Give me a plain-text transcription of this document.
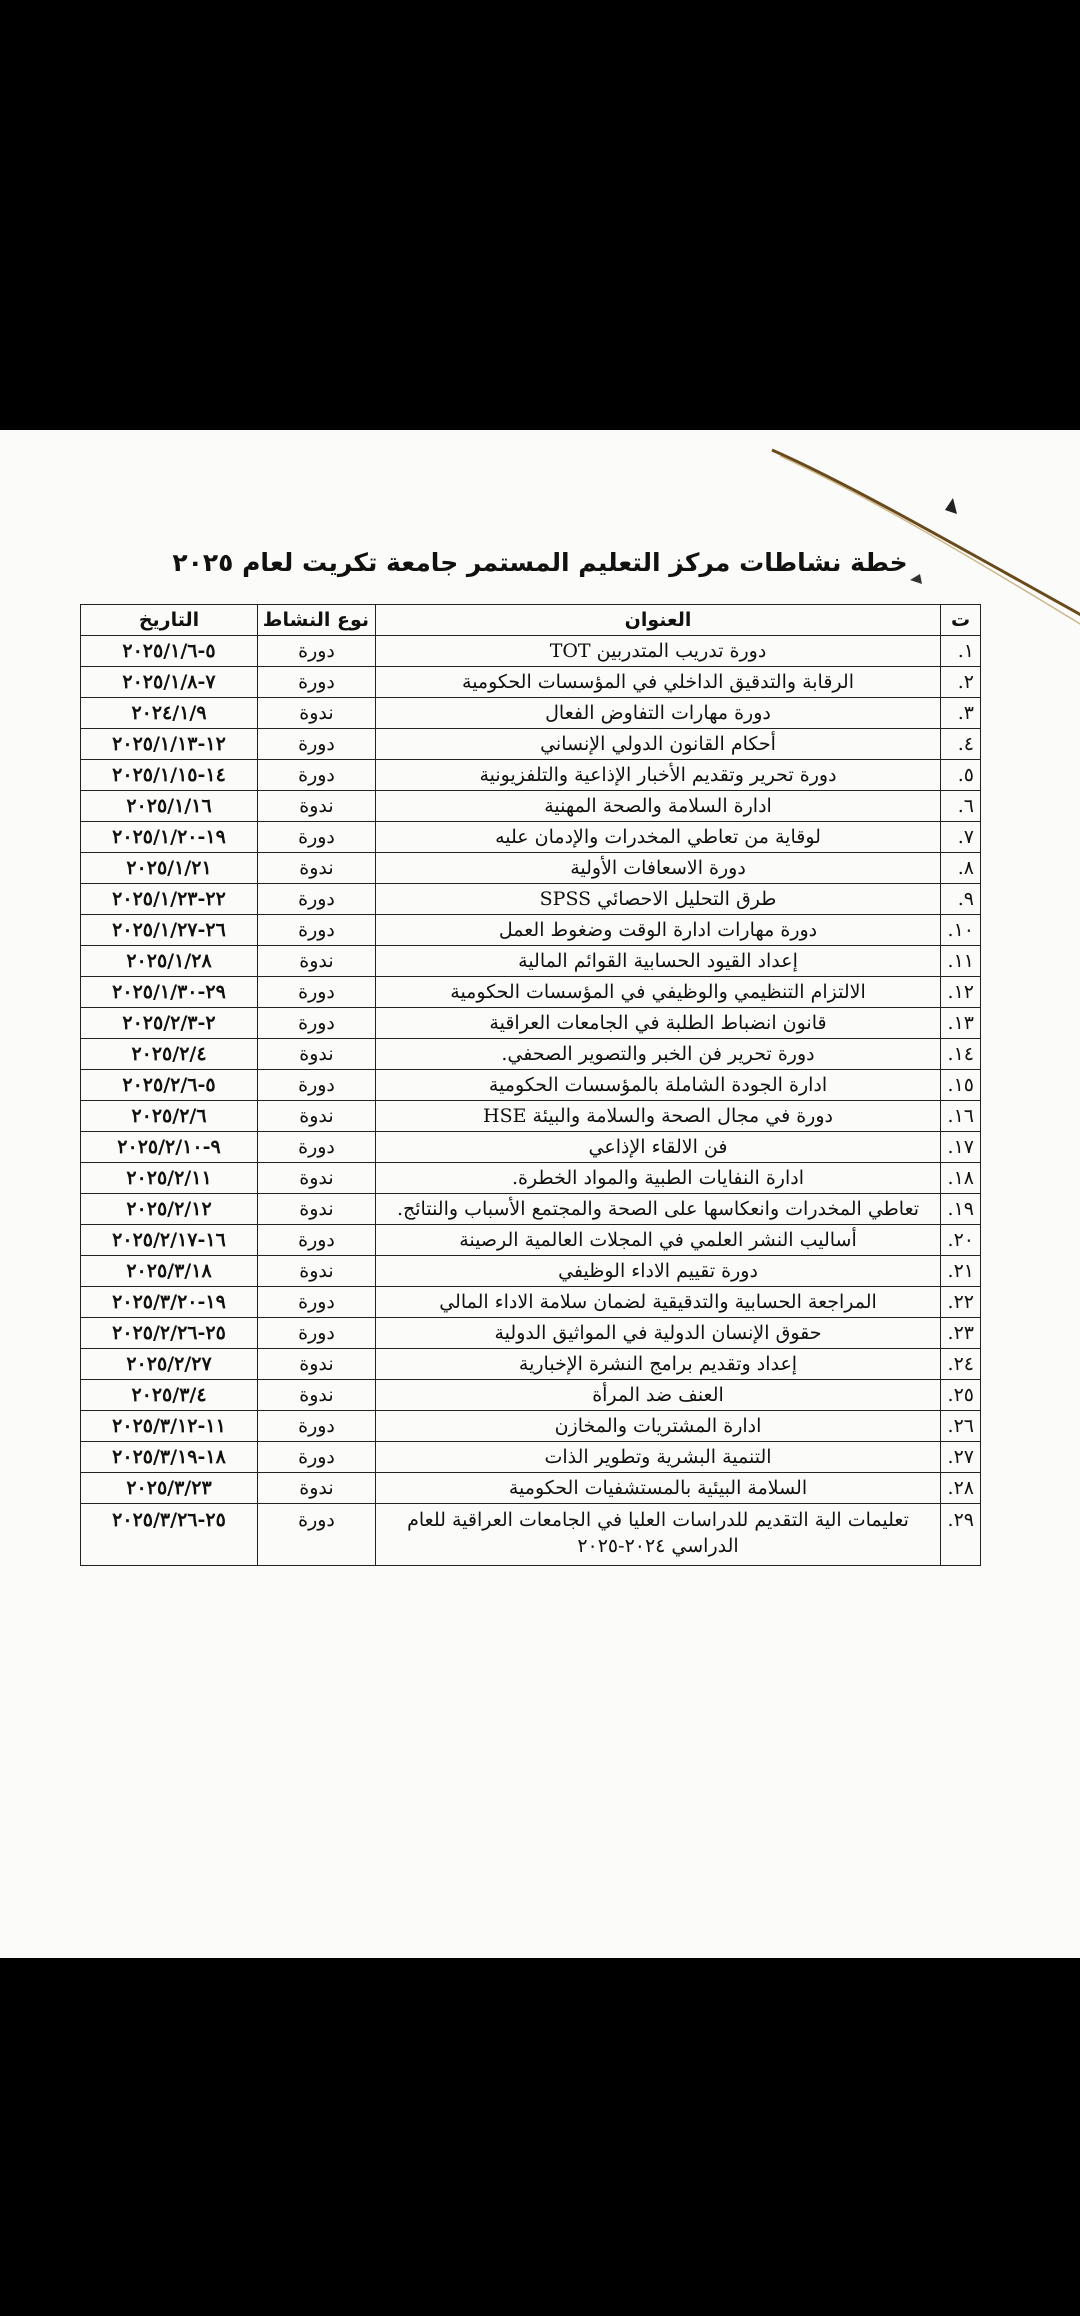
خطة نشاطات مركز التعليم المستمر جامعة تكريت لعام ٢٠٢٥
ت	العنوان	نوع النشاط	التاريخ
١.	دورة تدريب المتدربين TOT	دورة	٥-٢٠٢٥/١/٦
٢.	الرقابة والتدقيق الداخلي في المؤسسات الحكومية	دورة	٧-٢٠٢٥/١/٨
٣.	دورة مهارات التفاوض الفعال	ندوة	٢٠٢٤/١/٩
٤.	أحكام القانون الدولي الإنساني	دورة	١٢-٢٠٢٥/١/١٣
٥.	دورة تحرير وتقديم الأخبار الإذاعية والتلفزيونية	دورة	١٤-٢٠٢٥/١/١٥
٦.	ادارة السلامة والصحة المهنية	ندوة	٢٠٢٥/١/١٦
٧.	لوقاية من تعاطي المخدرات والإدمان عليه	دورة	١٩-٢٠٢٥/١/٢٠
٨.	دورة الاسعافات الأولية	ندوة	٢٠٢٥/١/٢١
٩.	طرق التحليل الاحصائي SPSS	دورة	٢٢-٢٠٢٥/١/٢٣
١٠.	دورة مهارات ادارة الوقت وضغوط العمل	دورة	٢٦-٢٠٢٥/١/٢٧
١١.	إعداد القيود الحسابية القوائم المالية	ندوة	٢٠٢٥/١/٢٨
١٢.	الالتزام التنظيمي والوظيفي في المؤسسات الحكومية	دورة	٢٩-٢٠٢٥/١/٣٠
١٣.	قانون انضباط الطلبة في الجامعات العراقية	دورة	٢-٢٠٢٥/٢/٣
١٤.	دورة تحرير فن الخبر والتصوير الصحفي.	ندوة	٢٠٢٥/٢/٤
١٥.	ادارة الجودة الشاملة بالمؤسسات الحكومية	دورة	٥-٢٠٢٥/٢/٦
١٦.	دورة في مجال الصحة والسلامة والبيئة HSE	ندوة	٢٠٢٥/٢/٦
١٧.	فن الالقاء الإذاعي	دورة	٩-٢٠٢٥/٢/١٠
١٨.	ادارة النفايات الطبية والمواد الخطرة.	ندوة	٢٠٢٥/٢/١١
١٩.	تعاطي المخدرات وانعكاسها على الصحة والمجتمع الأسباب والنتائج.	ندوة	٢٠٢٥/٢/١٢
٢٠.	أساليب النشر العلمي في المجلات العالمية الرصينة	دورة	١٦-٢٠٢٥/٢/١٧
٢١.	دورة تقييم الاداء الوظيفي	ندوة	٢٠٢٥/٣/١٨
٢٢.	المراجعة الحسابية والتدقيقية لضمان سلامة الاداء المالي	دورة	١٩-٢٠٢٥/٣/٢٠
٢٣.	حقوق الإنسان الدولية في المواثيق الدولية	دورة	٢٥-٢٠٢٥/٢/٢٦
٢٤.	إعداد وتقديم برامج النشرة الإخبارية	ندوة	٢٠٢٥/٢/٢٧
٢٥.	العنف ضد المرأة	ندوة	٢٠٢٥/٣/٤
٢٦.	ادارة المشتريات والمخازن	دورة	١١-٢٠٢٥/٣/١٢
٢٧.	التنمية البشرية وتطوير الذات	دورة	١٨-٢٠٢٥/٣/١٩
٢٨.	السلامة البيئية بالمستشفيات الحكومية	ندوة	٢٠٢٥/٣/٢٣
٢٩.	تعليمات الية التقديم للدراسات العليا في الجامعات العراقية للعام الدراسي ٢٠٢٤-٢٠٢٥	دورة	٢٥-٢٠٢٥/٣/٢٦
